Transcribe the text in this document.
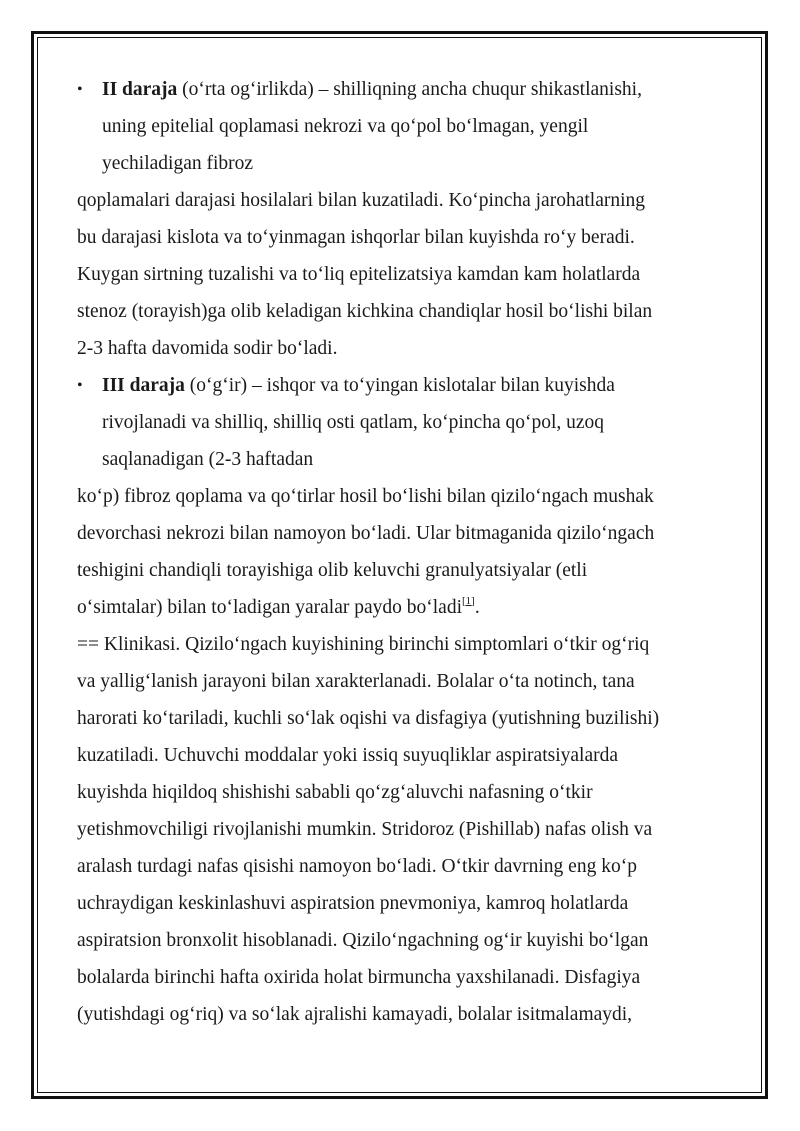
• II daraja (o‘rta og‘irlikda) – shilliqning ancha chuqur shikastlanishi,
uning epitelial qoplamasi nekrozi va qo‘pol bo‘lmagan, yengil
yechiladigan fibroz
qoplamalari darajasi hosilalari bilan kuzatiladi. Ko‘pincha jarohatlarning
bu darajasi kislota va to‘yinmagan ishqorlar bilan kuyishda ro‘y beradi.
Kuygan sirtning tuzalishi va to‘liq epitelizatsiya kamdan kam holatlarda
stenoz (torayish)ga olib keladigan kichkina chandiqlar hosil bo‘lishi bilan
2-3 hafta davomida sodir bo‘ladi.
• III daraja (o‘g‘ir) – ishqor va to‘yingan kislotalar bilan kuyishda
rivojlanadi va shilliq, shilliq osti qatlam, ko‘pincha qo‘pol, uzoq
saqlanadigan (2-3 haftadan
ko‘p) fibroz qoplama va qo‘tirlar hosil bo‘lishi bilan qizilo‘ngach mushak
devorchasi nekrozi bilan namoyon bo‘ladi. Ular bitmaganida qizilo‘ngach
teshigini chandiqli torayishiga olib keluvchi granulyatsiyalar (etli
o‘simtalar) bilan to‘ladigan yaralar paydo bo‘ladi[1].
== Klinikasi. Qizilo‘ngach kuyishining birinchi simptomlari o‘tkir og‘riq
va yallig‘lanish jarayoni bilan xarakterlanadi. Bolalar o‘ta notinch, tana
harorati ko‘tariladi, kuchli so‘lak oqishi va disfagiya (yutishning buzilishi)
kuzatiladi. Uchuvchi moddalar yoki issiq suyuqliklar aspiratsiyalarda
kuyishda hiqildoq shishishi sababli qo‘zg‘aluvchi nafasning o‘tkir
yetishmovchiligi rivojlanishi mumkin. Stridoroz (Pishillab) nafas olish va
aralash turdagi nafas qisishi namoyon bo‘ladi. O‘tkir davrning eng ko‘p
uchraydigan keskinlashuvi aspiratsion pnevmoniya, kamroq holatlarda
aspiratsion bronxolit hisoblanadi. Qizilo‘ngachning og‘ir kuyishi bo‘lgan
bolalarda birinchi hafta oxirida holat birmuncha yaxshilanadi. Disfagiya
(yutishdagi og‘riq) va so‘lak ajralishi kamayadi, bolalar isitmalamaydi,
